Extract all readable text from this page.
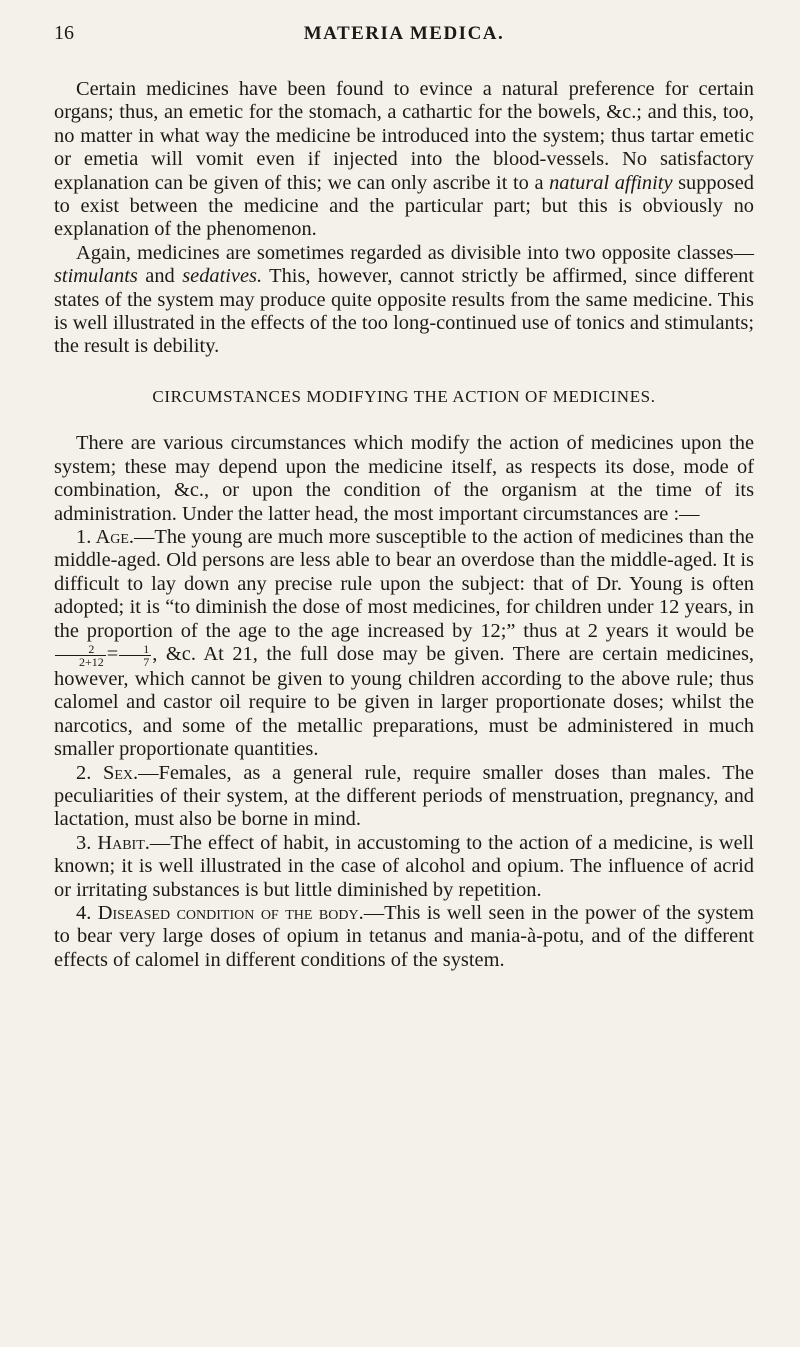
16	MATERIA MEDICA.

Certain medicines have been found to evince a natural preference for certain organs; thus, an emetic for the stomach, a cathartic for the bowels, &c.; and this, too, no matter in what way the medicine be introduced into the system; thus tartar emetic or emetia will vomit even if injected into the blood-vessels. No satisfactory explanation can be given of this; we can only ascribe it to a natural affinity supposed to exist between the medicine and the particular part; but this is obviously no explanation of the phenomenon.

Again, medicines are sometimes regarded as divisible into two opposite classes—stimulants and sedatives. This, however, cannot strictly be affirmed, since different states of the system may produce quite opposite results from the same medicine. This is well illustrated in the effects of the too long-continued use of tonics and stimulants; the result is debility.

CIRCUMSTANCES MODIFYING THE ACTION OF MEDICINES.

There are various circumstances which modify the action of medicines upon the system; these may depend upon the medicine itself, as respects its dose, mode of combination, &c., or upon the condition of the organism at the time of its administration. Under the latter head, the most important circumstances are :—

1. Age.—The young are much more susceptible to the action of medicines than the middle-aged. Old persons are less able to bear an overdose than the middle-aged. It is difficult to lay down any precise rule upon the subject: that of Dr. Young is often adopted; it is “to diminish the dose of most medicines, for children under 12 years, in the proportion of the age to the age increased by 12;” thus at 2 years it would be
$\frac{2}{2+12} = \frac{1}{7}$ , &c. At 21, the full dose may be given. There are certain medicines, however, which cannot be given to young children according to the above rule; thus calomel and castor oil require to be given in larger proportionate doses; whilst the narcotics, and some of the metallic preparations, must be administered in much smaller proportionate quantities.

2. Sex.—Females, as a general rule, require smaller doses than males. The peculiarities of their system, at the different periods of menstruation, pregnancy, and lactation, must also be borne in mind.

3. Habit.—The effect of habit, in accustoming to the action of a medicine, is well known; it is well illustrated in the case of alcohol and opium. The influence of acrid or irritating substances is but little diminished by repetition.

4. Diseased condition of the body.—This is well seen in the power of the system to bear very large doses of opium in tetanus and mania-à-potu, and of the different effects of calomel in different conditions of the system.
